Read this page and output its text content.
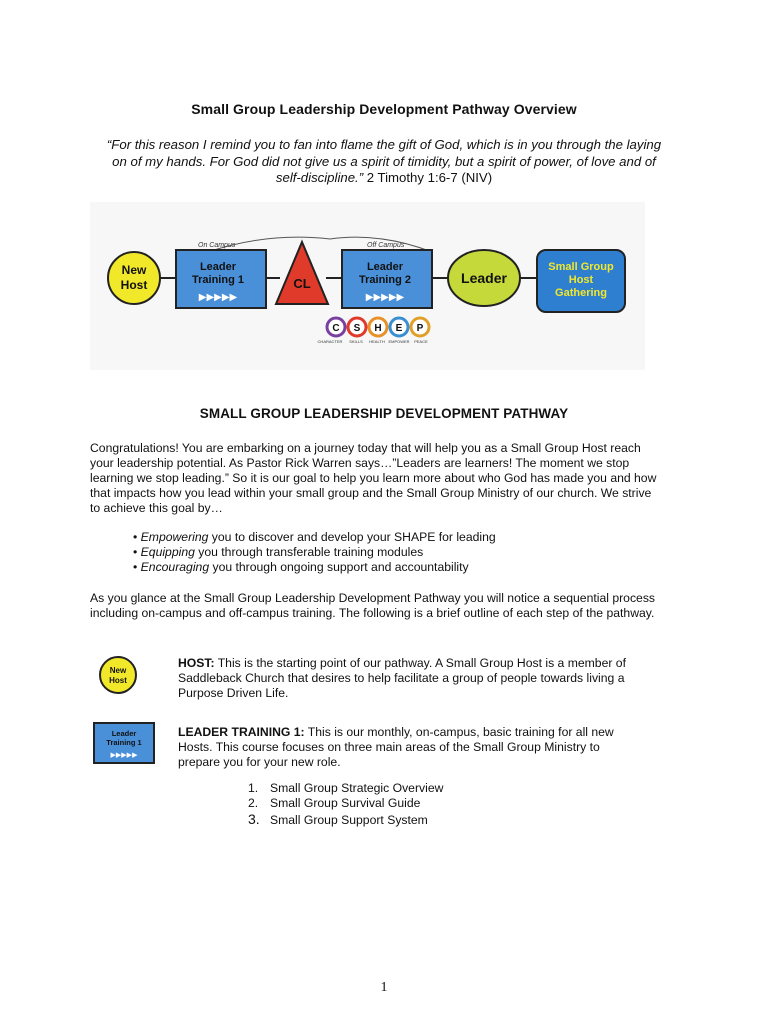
Small Group Leadership Development Pathway Overview
“For this reason I remind you to fan into flame the gift of God, which is in you through the laying
on of my hands. For God did not give us a spirit of timidity, but a spirit of power, of love and of
self-discipline.” 2 Timothy 1:6-7 (NIV)
On Campus	Off Campus
New
Host
Leader
Training 1
▶▶▶▶▶
CL
Leader
Training 2
▶▶▶▶▶
Leader
Small Group
Host
Gathering
C S H E P
CHARACTER SKILLS HEALTH EMPOWER PEACE
SMALL GROUP LEADERSHIP DEVELOPMENT PATHWAY
Congratulations! You are embarking on a journey today that will help you as a Small Group Host reach
your leadership potential. As Pastor Rick Warren says…”Leaders are learners! The moment we stop
learning we stop leading.” So it is our goal to help you learn more about who God has made you and how
that impacts how you lead within your small group and the Small Group Ministry of our church. We strive
to achieve this goal by…
• Empowering you to discover and develop your SHAPE for leading
• Equipping you through transferable training modules
• Encouraging you through ongoing support and accountability
As you glance at the Small Group Leadership Development Pathway you will notice a sequential process
including on-campus and off-campus training. The following is a brief outline of each step of the pathway.
New
Host
HOST: This is the starting point of our pathway. A Small Group Host is a member of
Saddleback Church that desires to help facilitate a group of people towards living a
Purpose Driven Life.
Leader
Training 1
▶▶▶▶▶
LEADER TRAINING 1: This is our monthly, on-campus, basic training for all new
Hosts. This course focuses on three main areas of the Small Group Ministry to
prepare you for your new role.
1. Small Group Strategic Overview
2. Small Group Survival Guide
3. Small Group Support System
1
